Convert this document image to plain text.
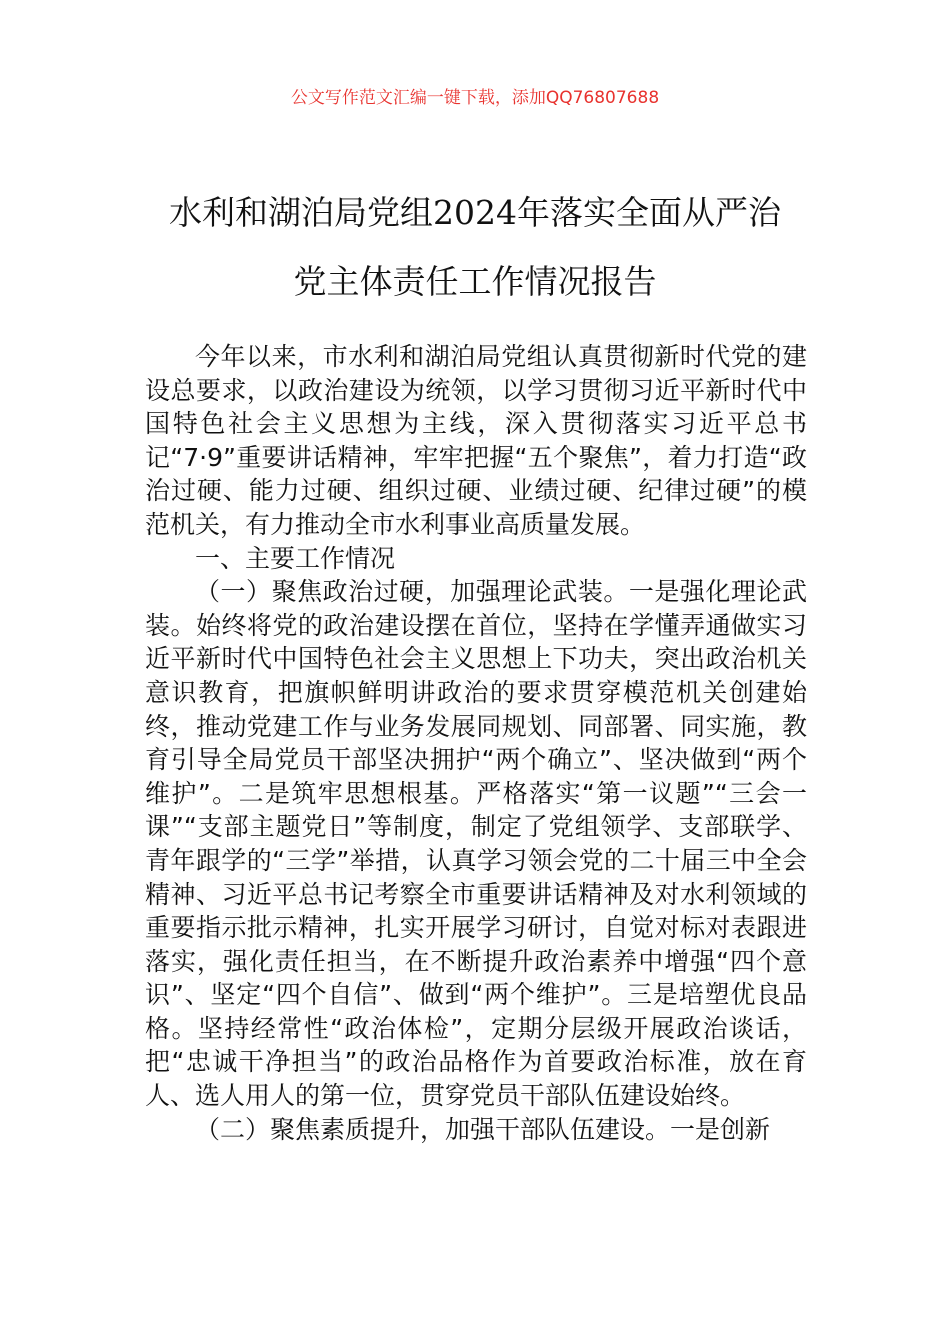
公文写作范文汇编一键下载，添加QQ76807688
水利和湖泊局党组2024年落实全面从严治
党主体责任工作情况报告

今年以来，市水利和湖泊局党组认真贯彻新时代党的建设总要求，以政治建设为统领，以学习贯彻习近平新时代中国特色社会主义思想为主线，深入贯彻落实习近平总书记“7·9”重要讲话精神，牢牢把握“五个聚焦”，着力打造“政治过硬、能力过硬、组织过硬、业绩过硬、纪律过硬”的模范机关，有力推动全市水利事业高质量发展。

一、主要工作情况

（一）聚焦政治过硬，加强理论武装。一是强化理论武装。始终将党的政治建设摆在首位，坚持在学懂弄通做实习近平新时代中国特色社会主义思想上下功夫，突出政治机关意识教育，把旗帜鲜明讲政治的要求贯穿模范机关创建始终，推动党建工作与业务发展同规划、同部署、同实施，教育引导全局党员干部坚决拥护“两个确立”、坚决做到“两个维护”。二是筑牢思想根基。严格落实“第一议题”“三会一课”“支部主题党日”等制度，制定了党组领学、支部联学、青年跟学的“三学”举措，认真学习领会党的二十届三中全会精神、习近平总书记考察全市重要讲话精神及对水利领域的重要指示批示精神，扎实开展学习研讨，自觉对标对表跟进落实，强化责任担当，在不断提升政治素养中增强“四个意识”、坚定“四个自信”、做到“两个维护”。三是培塑优良品格。坚持经常性“政治体检”，定期分层级开展政治谈话，把“忠诚干净担当”的政治品格作为首要政治标准，放在育人、选人用人的第一位，贯穿党员干部队伍建设始终。

（二）聚焦素质提升，加强干部队伍建设。一是创新
